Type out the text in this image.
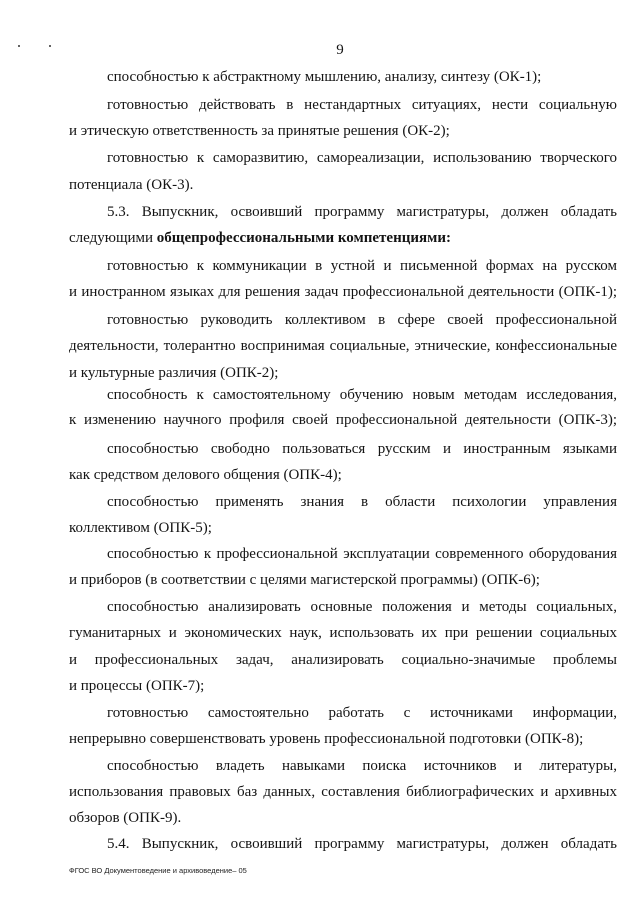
9
способностью к абстрактному мышлению, анализу, синтезу (ОК-1);
готовностью действовать в нестандартных ситуациях, нести социальную
и этическую ответственность за принятые решения (ОК-2);
готовностью к саморазвитию, самореализации, использованию творческого
потенциала (ОК-3).
5.3. Выпускник, освоивший программу магистратуры, должен обладать
следующими общепрофессиональными компетенциями:
готовностью к коммуникации в устной и письменной формах на русском
и иностранном языках для решения задач профессиональной деятельности (ОПК-1);
готовностью руководить коллективом в сфере своей профессиональной
деятельности, толерантно воспринимая социальные, этнические, конфессиональные
и культурные различия (ОПК-2);
способность к самостоятельному обучению новым методам исследования,
к изменению научного профиля своей профессиональной деятельности (ОПК-3);
способностью свободно пользоваться русским и иностранным языками
как средством делового общения (ОПК-4);
способностью применять знания в области психологии управления
коллективом (ОПК-5);
способностью к профессиональной эксплуатации современного оборудования
и приборов (в соответствии с целями магистерской программы) (ОПК-6);
способностью анализировать основные положения и методы социальных,
гуманитарных и экономических наук, использовать их при решении социальных
и профессиональных задач, анализировать социально-значимые проблемы
и процессы (ОПК-7);
готовностью самостоятельно работать с источниками информации,
непрерывно совершенствовать уровень профессиональной подготовки (ОПК-8);
способностью владеть навыками поиска источников и литературы,
использования правовых баз данных, составления библиографических и архивных
обзоров (ОПК-9).
5.4. Выпускник, освоивший программу магистратуры, должен обладать
ФГОС ВО Документоведение и архивоведение– 05
